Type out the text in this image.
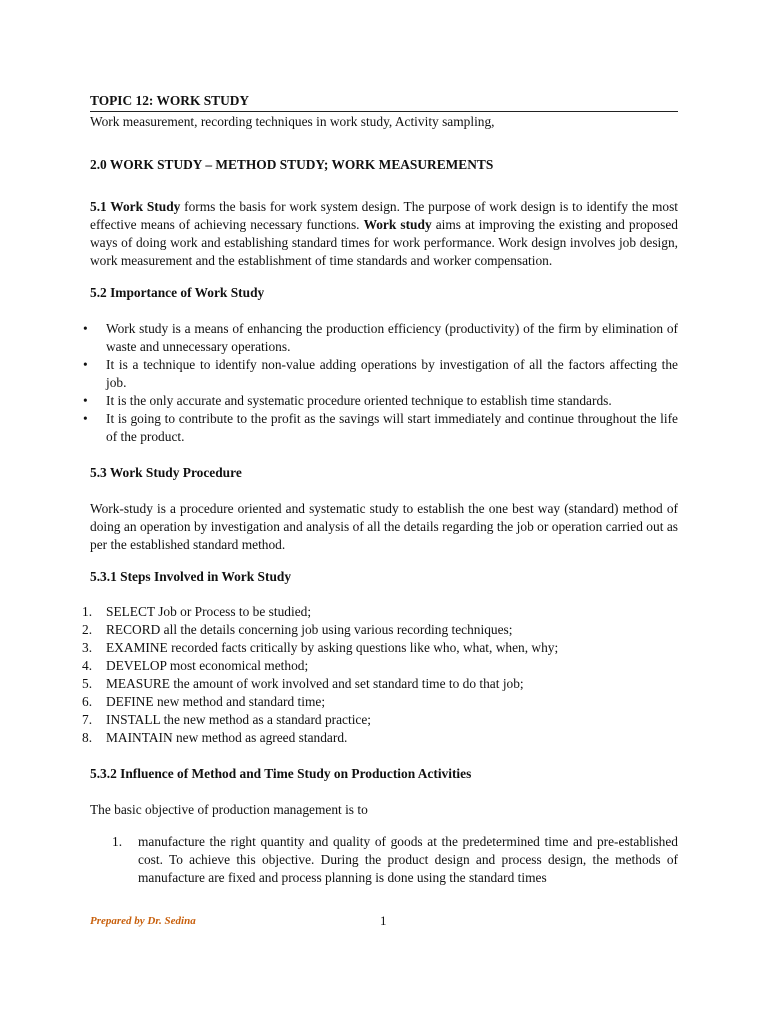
TOPIC 12: WORK STUDY

Work measurement, recording techniques in work study, Activity sampling,

2.0 WORK STUDY – METHOD STUDY; WORK MEASUREMENTS

5.1 Work Study forms the basis for work system design. The purpose of work design is to identify the most effective means of achieving necessary functions. Work study aims at improving the existing and proposed ways of doing work and establishing standard times for work performance. Work design involves job design, work measurement and the establishment of time standards and worker compensation.

5.2 Importance of Work Study

• Work study is a means of enhancing the production efficiency (productivity) of the firm by elimination of waste and unnecessary operations.
• It is a technique to identify non-value adding operations by investigation of all the factors affecting the job.
• It is the only accurate and systematic procedure oriented technique to establish time standards.
• It is going to contribute to the profit as the savings will start immediately and continue throughout the life of the product.

5.3 Work Study Procedure

Work-study is a procedure oriented and systematic study to establish the one best way (standard) method of doing an operation by investigation and analysis of all the details regarding the job or operation carried out as per the established standard method.

5.3.1 Steps Involved in Work Study

1. SELECT Job or Process to be studied;
2. RECORD all the details concerning job using various recording techniques;
3. EXAMINE recorded facts critically by asking questions like who, what, when, why;
4. DEVELOP most economical method;
5. MEASURE the amount of work involved and set standard time to do that job;
6. DEFINE new method and standard time;
7. INSTALL the new method as a standard practice;
8. MAINTAIN new method as agreed standard.

5.3.2 Influence of Method and Time Study on Production Activities

The basic objective of production management is to

1. manufacture the right quantity and quality of goods at the predetermined time and pre-established cost. To achieve this objective. During the product design and process design, the methods of manufacture are fixed and process planning is done using the standard times
Prepared by Dr. Sedina	1
